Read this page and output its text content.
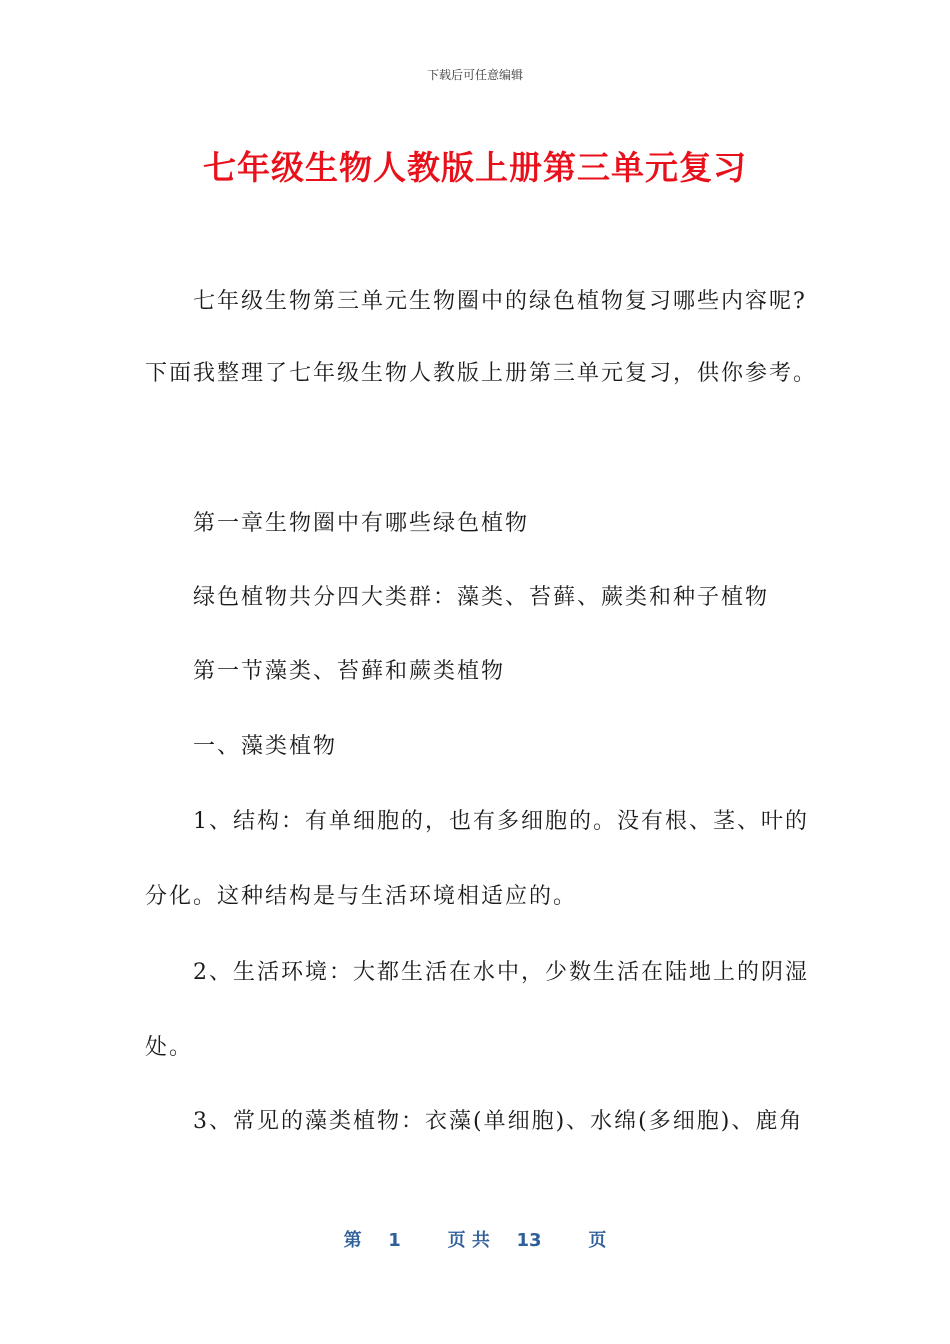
下载后可任意编辑
七年级生物人教版上册第三单元复习
七年级生物第三单元生物圈中的绿色植物复习哪些内容呢?
下面我整理了七年级生物人教版上册第三单元复习，供你参考。
第一章生物圈中有哪些绿色植物
绿色植物共分四大类群：藻类、苔藓、蕨类和种子植物
第一节藻类、苔藓和蕨类植物
一、藻类植物
1、结构：有单细胞的，也有多细胞的。没有根、茎、叶的
分化。这种结构是与生活环境相适应的。
2、生活环境：大都生活在水中，少数生活在陆地上的阴湿
处。
3、常见的藻类植物：衣藻(单细胞)、水绵(多细胞)、鹿角
第 1	页 共 13	页
